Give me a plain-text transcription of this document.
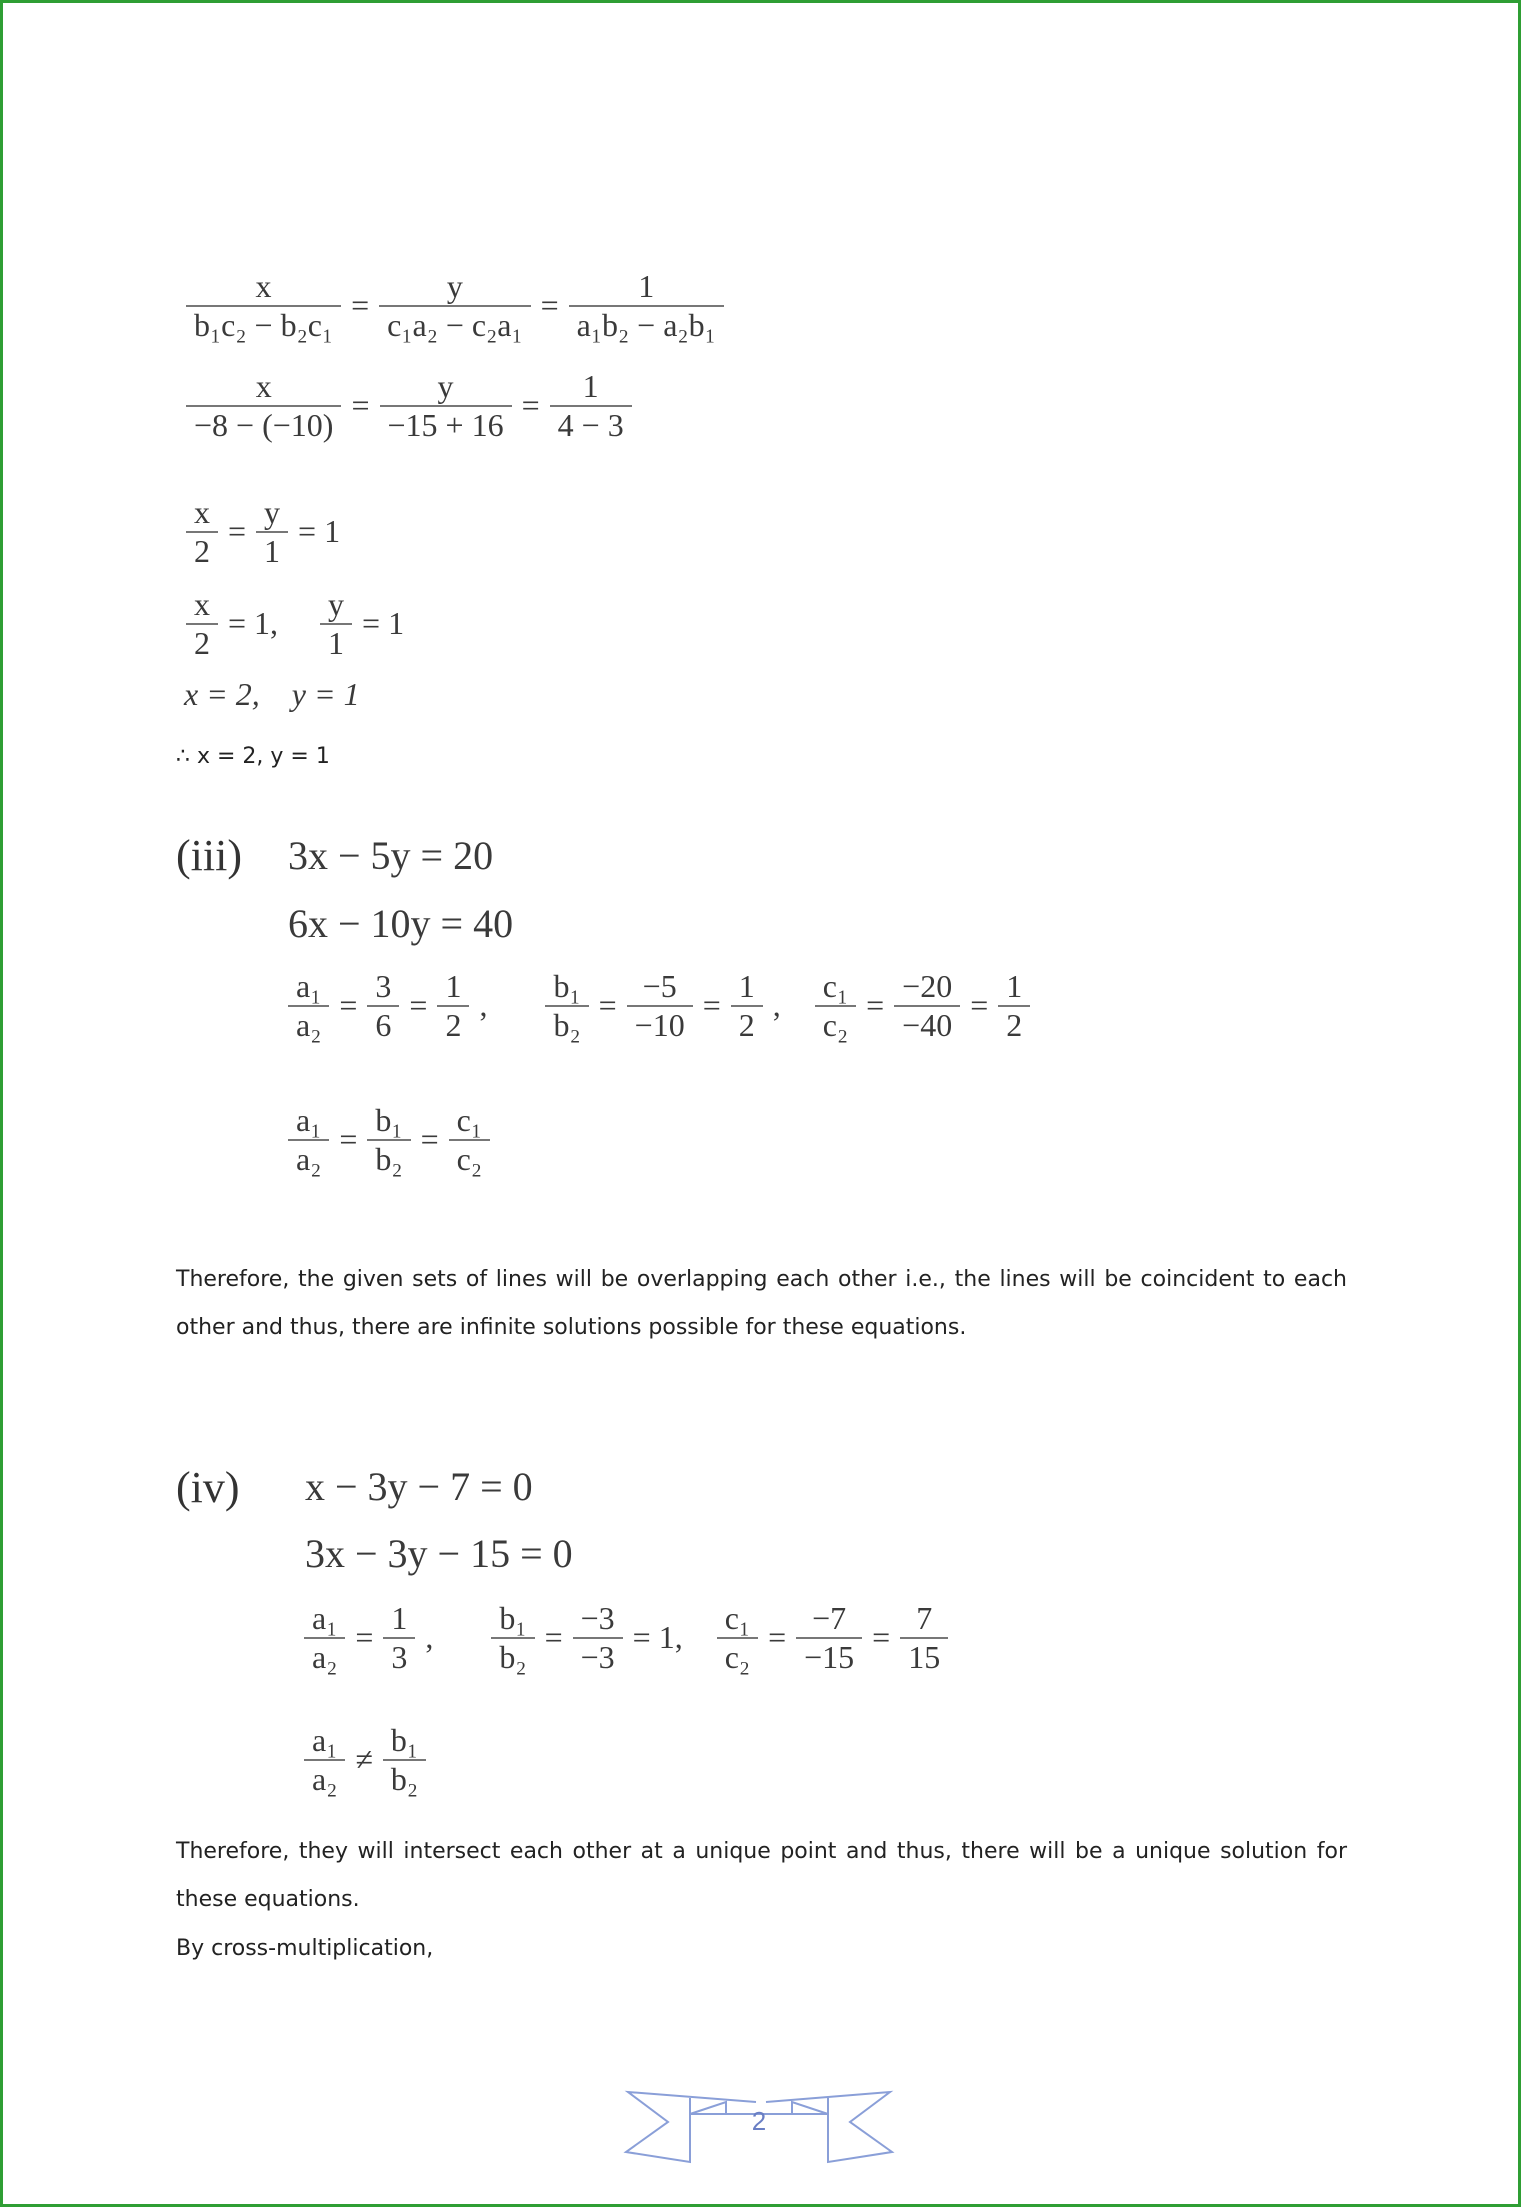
$\frac{x}{\text{b₁c₂ − b₂c₁}} = \frac{y}{\text{c₁a₂ − c₂a₁}} = \frac{1}{\text{a₁b₂ − a₂b₁}}$
$\frac{x}{-8 - (-10)} = \frac{y}{-15 + 16} = \frac{1}{4 - 3}$
$\frac{x}{2} = \frac{y}{1} = 1$
$\frac{x}{2} = 1$, $\frac{y}{1} = 1$
x = 2,    y = 1
∴ x = 2, y = 1
(iii) 3x − 5y = 20
6x − 10y = 40
$\frac{\text{a₁}}{\text{a₂}} = \frac{3}{6} = \frac{1}{2}$ , $\frac{\text{b₁}}{\text{b₂}} = \frac{-5}{-10} = \frac{1}{2}$ , $\frac{\text{c₁}}{\text{c₂}} = \frac{-20}{-40} = \frac{1}{2}$
$\frac{\text{a₁}}{\text{a₂}} = \frac{\text{b₁}}{\text{b₂}} = \frac{\text{c₁}}{\text{c₂}}$
Therefore, the given sets of lines will be overlapping each other i.e., the lines will be coincident to each other and thus, there are infinite solutions possible for these equations.
(iv) x − 3y − 7 = 0
3x − 3y − 15 = 0
$\frac{\text{a₁}}{\text{a₂}} = \frac{1}{3}$ , $\frac{\text{b₁}}{\text{b₂}} = \frac{-3}{-3} = 1$, $\frac{\text{c₁}}{\text{c₂}} = \frac{-7}{-15} = \frac{7}{15}$
$\frac{\text{a₁}}{\text{a₂}} \ne \frac{\text{b₁}}{\text{b₂}}$
Therefore, they will intersect each other at a unique point and thus, there will be a unique solution for these equations.
By cross-multiplication,
2
